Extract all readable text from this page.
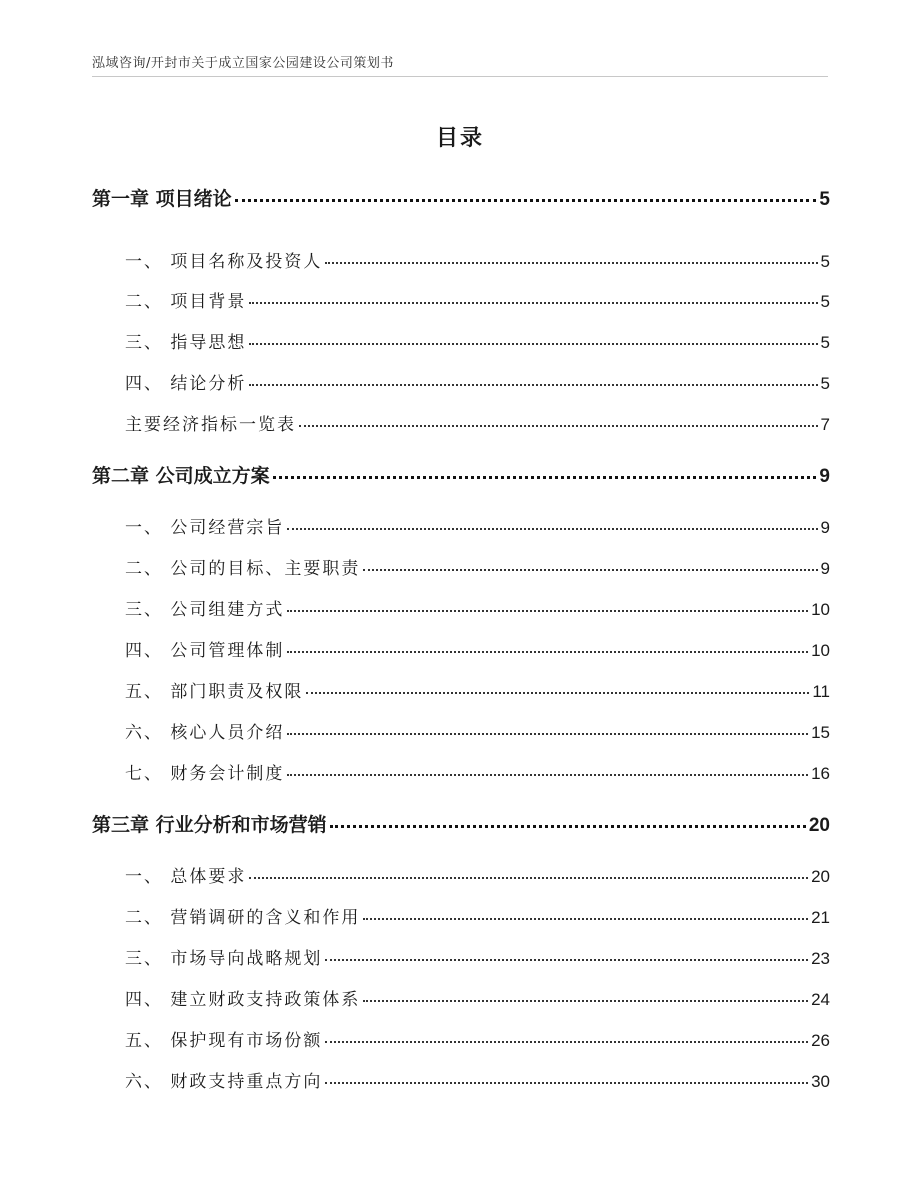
泓域咨询/开封市关于成立国家公园建设公司策划书
目录
第一章 项目绪论	5
一、 项目名称及投资人	5
二、 项目背景	5
三、 指导思想	5
四、 结论分析	5
主要经济指标一览表	7
第二章 公司成立方案	9
一、 公司经营宗旨	9
二、 公司的目标、主要职责	9
三、 公司组建方式	10
四、 公司管理体制	10
五、 部门职责及权限	11
六、 核心人员介绍	15
七、 财务会计制度	16
第三章 行业分析和市场营销	20
一、 总体要求	20
二、 营销调研的含义和作用	21
三、 市场导向战略规划	23
四、 建立财政支持政策体系	24
五、 保护现有市场份额	26
六、 财政支持重点方向	30
